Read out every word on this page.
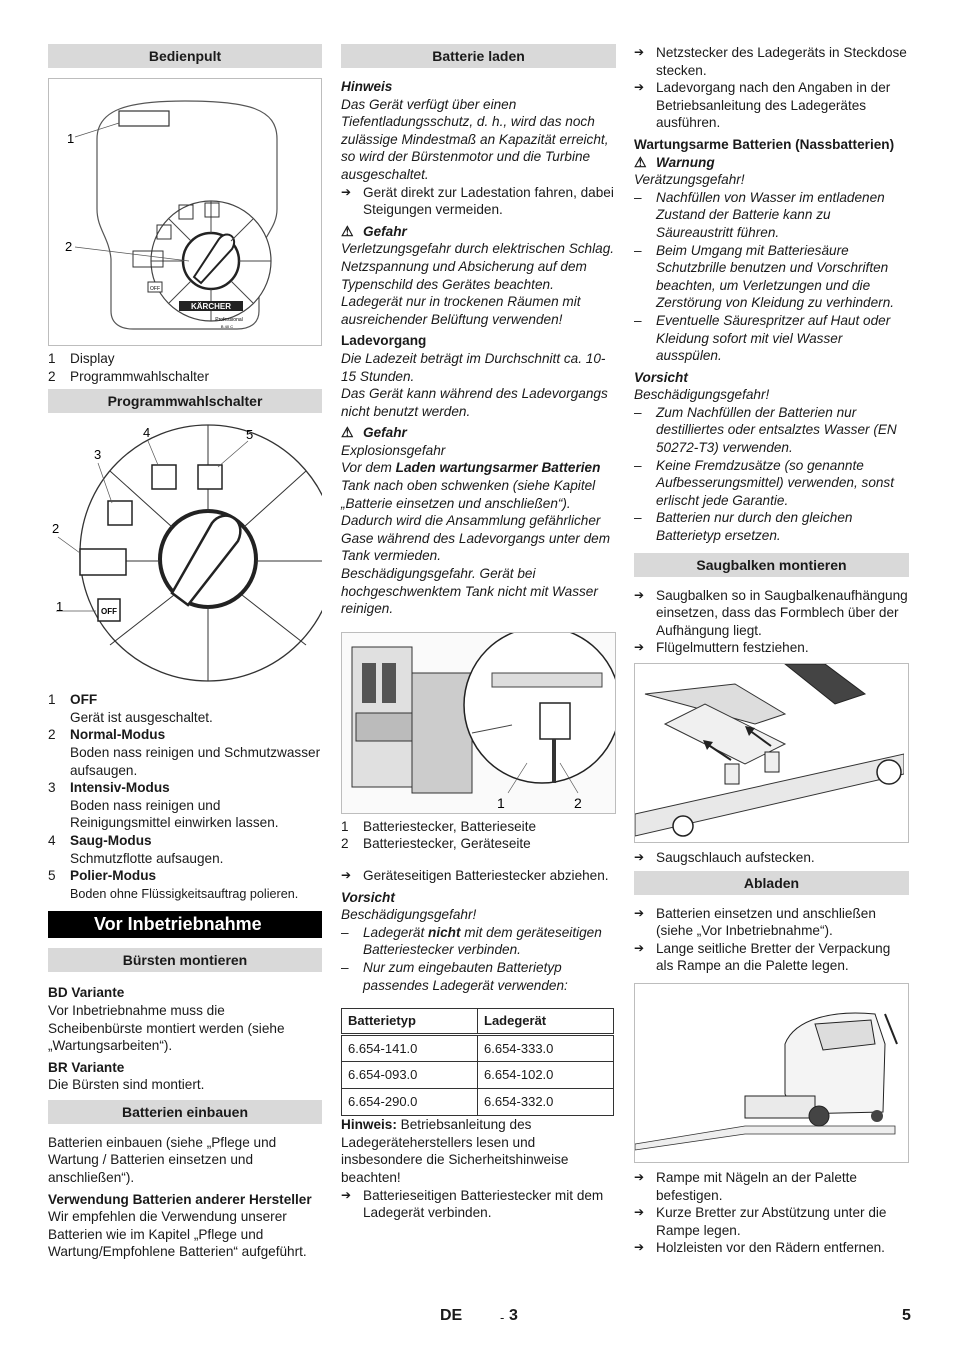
Bedienpult
OFF
KÄRCHER
Professional
B 40 C
1
2
1	Display
2	Programmwahlschalter
Programmwahlschalter
OFF
1
2
3
4	5
1	OFF
Gerät ist ausgeschaltet.
2	Normal-Modus
Boden nass reinigen und Schmutzwasser aufsaugen.
3	Intensiv-Modus
Boden nass reinigen und Reinigungsmittel einwirken lassen.
4	Saug-Modus
Schmutzflotte aufsaugen.
5	Polier-Modus
Boden ohne Flüssigkeitsauftrag polieren.
Vor Inbetriebnahme
Bürsten montieren
BD Variante
Vor Inbetriebnahme muss die Scheibenbürste montiert werden (siehe „Wartungsarbeiten“).
BR Variante
Die Bürsten sind montiert.
Batterien einbauen
Batterien einbauen (siehe „Pflege und Wartung / Batterien einsetzen und anschließen“).
Verwendung Batterien anderer Hersteller
Wir empfehlen die Verwendung unserer Batterien wie im Kapitel „Pflege und Wartung/Empfohlene Batterien“ aufgeführt.
Batterie laden
Hinweis
Das Gerät verfügt über einen Tiefentladungsschutz, d. h., wird das noch zulässige Mindestmaß an Kapazität erreicht, so wird der Bürstenmotor und die Turbine ausgeschaltet.
➔ Gerät direkt zur Ladestation fahren, dabei Steigungen vermeiden.
⚠ Gefahr
Verletzungsgefahr durch elektrischen Schlag. Netzspannung und Absicherung auf dem Typenschild des Gerätes beachten.
Ladegerät nur in trockenen Räumen mit ausreichender Belüftung verwenden!
Ladevorgang
Die Ladezeit beträgt im Durchschnitt ca. 10-15 Stunden.
Das Gerät kann während des Ladevorgangs nicht benutzt werden.
⚠ Gefahr
Explosionsgefahr
Vor dem Laden wartungsarmer Batterien Tank nach oben schwenken (siehe Kapitel „Batterie einsetzen und anschließen“). Dadurch wird die Ansammlung gefährlicher Gase während des Ladevorgangs unter dem Tank vermieden.
Beschädigungsgefahr. Gerät bei hochgeschwenktem Tank nicht mit Wasser reinigen.
1	2
1	Batteriestecker, Batterieseite
2	Batteriestecker, Geräteseite
➔ Geräteseitigen Batteriestecker abziehen.
Vorsicht
Beschädigungsgefahr!
–	Ladegerät nicht mit dem geräteseitigen Batteriestecker verbinden.
–	Nur zum eingebauten Batterietyp passendes Ladegerät verwenden:
Batterietyp	Ladegerät
6.654-141.0	6.654-333.0
6.654-093.0	6.654-102.0
6.654-290.0	6.654-332.0
Hinweis: Betriebsanleitung des Ladegeräteherstellers lesen und insbesondere die Sicherheitshinweise beachten!
➔ Batterieseitigen Batteriestecker mit dem Ladegerät verbinden.
➔ Netzstecker des Ladegeräts in Steckdose stecken.
➔ Ladevorgang nach den Angaben in der Betriebsanleitung des Ladegerätes ausführen.
Wartungsarme Batterien (Nassbatterien)
⚠ Warnung
Verätzungsgefahr!
–	Nachfüllen von Wasser im entladenen Zustand der Batterie kann zu Säureaustritt führen.
–	Beim Umgang mit Batteriesäure Schutzbrille benutzen und Vorschriften beachten, um Verletzungen und die Zerstörung von Kleidung zu verhindern.
–	Eventuelle Säurespritzer auf Haut oder Kleidung sofort mit viel Wasser ausspülen.
Vorsicht
Beschädigungsgefahr!
–	Zum Nachfüllen der Batterien nur destilliertes oder entsalztes Wasser (EN 50272-T3) verwenden.
–	Keine Fremdzusätze (so genannte Aufbesserungsmittel) verwenden, sonst erlischt jede Garantie.
–	Batterien nur durch den gleichen Batterietyp ersetzen.
Saugbalken montieren
➔ Saugbalken so in Saugbalkenaufhängung einsetzen, dass das Formblech über der Aufhängung liegt.
➔ Flügelmuttern festziehen.
➔ Saugschlauch aufstecken.
Abladen
➔ Batterien einsetzen und anschließen (siehe „Vor Inbetriebnahme“).
➔ Lange seitliche Bretter der Verpackung als Rampe an die Palette legen.
➔ Rampe mit Nägeln an der Palette befestigen.
➔ Kurze Bretter zur Abstützung unter die Rampe legen.
➔ Holzleisten vor den Rädern entfernen.
DE	- 3	5
